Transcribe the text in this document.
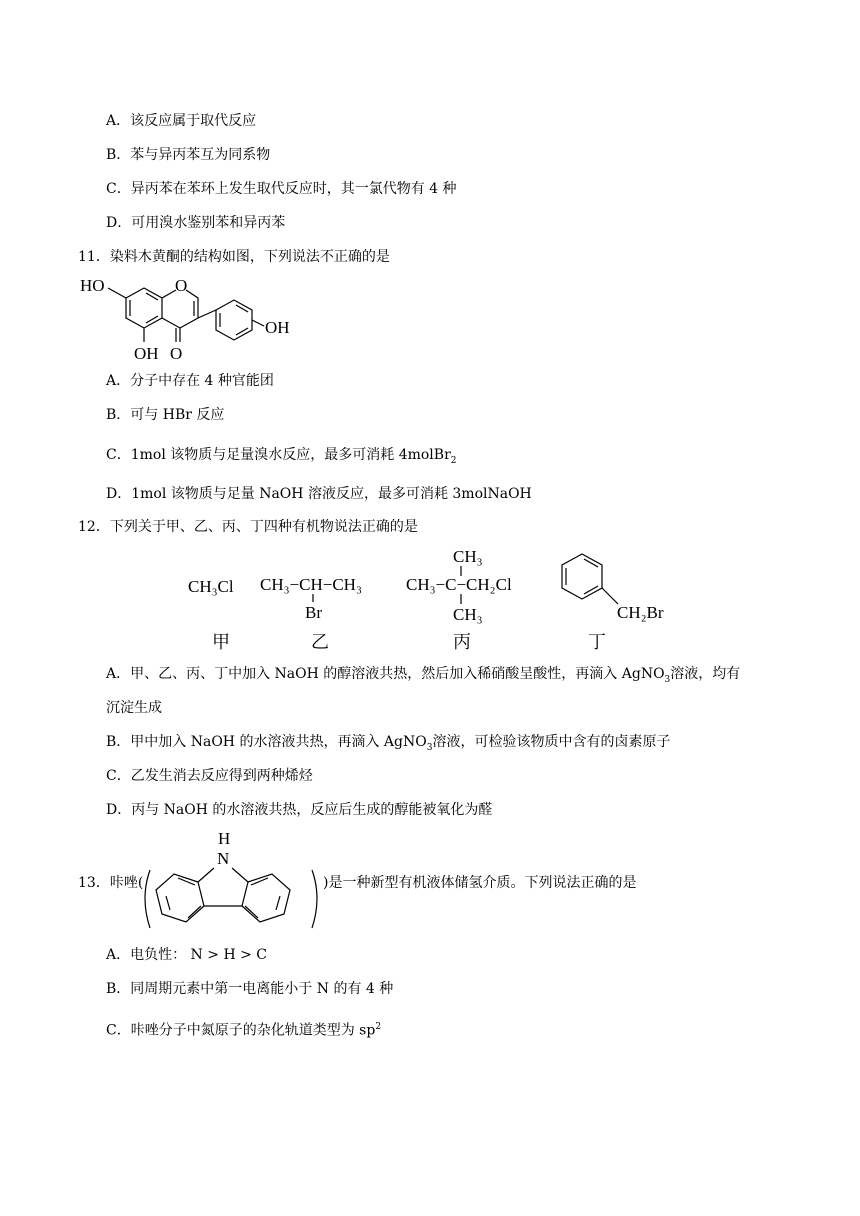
A．该反应属于取代反应
B．苯与异丙苯互为同系物
C．异丙苯在苯环上发生取代反应时，其一氯代物有 4 种
D．可用溴水鉴别苯和异丙苯
11．染料木黄酮的结构如图，下列说法不正确的是
HO	O
OH
OH O
A．分子中存在 4 种官能团
B．可与 HBr 反应
C．1mol 该物质与足量溴水反应，最多可消耗 4molBr$_2$
D．1mol 该物质与足量 NaOH 溶液反应，最多可消耗 3molNaOH
12．下列关于甲、乙、丙、丁四种有机物说法正确的是
CH₃Cl CH₃−CH−CH₃
Br
CH₃
CH₃−C−CH₂Cl
CH₃	CH₂Br
甲	乙	丙	丁
A．甲、乙、丙、丁中加入 NaOH 的醇溶液共热，然后加入稀硝酸呈酸性，再滴入 AgNO$_3$溶液，均有
沉淀生成
B．甲中加入 NaOH 的水溶液共热，再滴入 AgNO$_3$溶液，可检验该物质中含有的卤素原子
C．乙发生消去反应得到两种烯烃
D．丙与 NaOH 的水溶液共热，反应后生成的醇能被氧化为醛
13．咔唑(
H
N
)是一种新型有机液体储氢介质。下列说法正确的是
A．电负性： N > H > C
B．同周期元素中第一电离能小于 N 的有 4 种
C．咔唑分子中氮原子的杂化轨道类型为 $sp^2$
